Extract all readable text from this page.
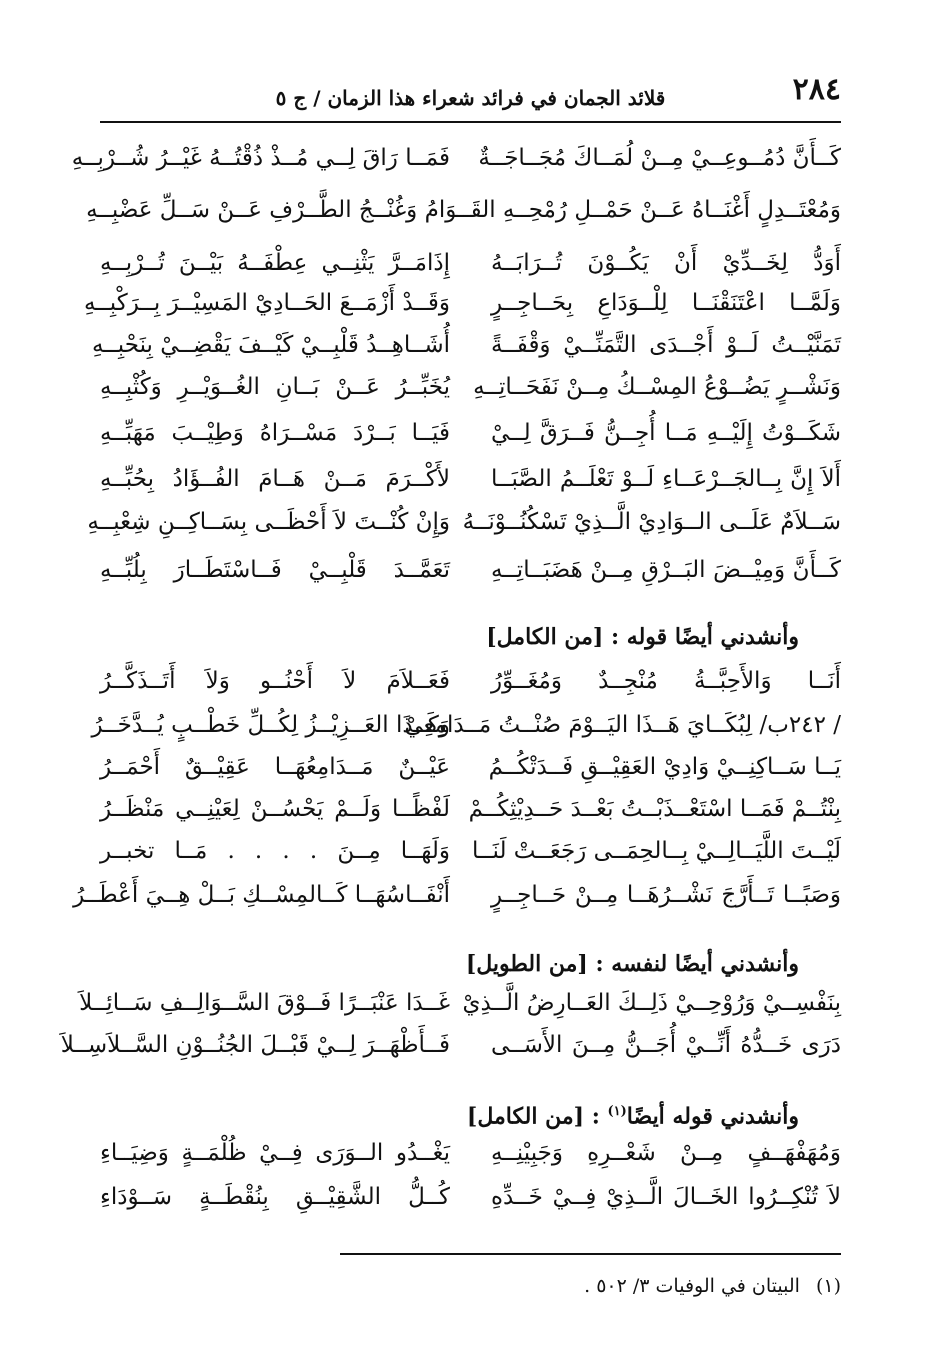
٢٨٤
قلائد الجمان في فرائد شعراء هذا الزمان / ج ٥
كَــأَنَّ دُمُــوعِــيْ مِــنْ لُمَــاكَ مُجَــاجَــةٌ
فَمَــا رَاقَ لِــي مُــذْ ذُقْتُــهُ غَيْــرُ شُــرْبِــهِ
وَمُعْتَــدِلٍ أَغْنَــاهُ عَــنْ حَمْــلِ رُمْحِــهِ القَــوَامُ وَغُنْــجُ الطَّــرْفِ عَــنْ سَــلِّ عَضْبِــهِ
أَوَدُّ لِخَــدِّيْ أَنْ يَكُــوْنَ تُــرَابَــهُ
إِذَامَــرَّ يَثْنِــي عِطْفَــهُ بَيْــنَ تُــرْبِــهِ
وَلَمَّــا اعْتَنَقْنَــا لِلْــوَدَاعِ بِحَــاجِــرٍ
وَقَــدْ أَزْمَــعَ الحَــادِيْ المَسِيْــرَ بِــرَكْبِــهِ
تَمَنَّيْــتُ لَــوْ أَجْــدَى التَّمَنِّــيْ وَقْفَــةً
أُشَــاهِــدُ قَلْبِــيْ كَيْــفَ يَقْضِــيْ بِنَحْبِــهِ
وَنَشْــرٍ يَضُــوْعُ المِسْــكُ مِــنْ نَفَحَــاتِــهِ
يُخَبِّــرُ عَــنْ بَــانِ الغُــوَيْــرِ وَكُثْبِــهِ
شَكَــوْتُ إِلَيْــهِ مَــا أُجِــنُّ فَــرَقَّ لِــيْ
فَيَــا بَــرْدَ مَسْــرَاهُ وَطِيْــبَ مَهَبِّــهِ
أَلاَ إِنَّ بِــالجَــرْعَــاءِ لَــوْ تَعْلَــمُ الصَّبَــا
لأَكْــرَمَ مَــنْ هَــامَ الفُــؤَادُ بِحُبِّــهِ
سَــلاَمٌ عَلَــى الــوَادِيْ الَّــذِيْ تَسْكُنُــوْنَــهُ
وَإِنْ كُنْــتَ لاَ أَحْظَــى بِسَــاكِــنِ شِعْبِــهِ
كَــأَنَّ وَمِيْــضَ البَــرْقِ مِــنْ هَضَبَــاتِــهِ
تَعَمَّــدَ قَلْبِــيْ فَــاسْتَطَــارَ بِلُبِّــهِ
وأنشدني أيضًا قوله : [من الكامل]
أَنَــا وَالأَحِبَّــةُ مُنْجِــدٌ وَمُغَــوِّرُ
فَعَــلاَمَ لاَ أَحْنُــو وَلاَ أَتَــذَكَّــرُ
/ ٢٤٢ب/ لِبُكَــايَ هَــذَا اليَــوْمَ صُنْــتُ مَــدَامِعِيْ
وَكَــذَا العَــزِيْــزُ لِكُــلِّ خَطْــبٍ يُــدَّخَــرُ
يَــا سَــاكِنِــيْ وَادِيْ العَقِيْــقِ فَــدَتْكُــمُ
عَيْــنٌ مَــدَامِعُهَــا عَقِيْــقٌ أَحْمَــرُ
بِنْتُــمْ فَمَــا اسْتَعْــذَبْــتُ بَعْــدَ حَــدِيْثِكُــمْ
لَفْظًــا وَلَــمْ يَحْسُــنْ لِعَيْنِــي مَنْظَــرُ
لَيْــتَ اللَّيَــالِــيْ بِــالحِمَــى رَجَعَــتْ لَنَــا
وَلَهَــا مِــنَ . . . . مَــا تخبــر
وَصَبًــا تَــأَرَّجَ نَشْــرُهَــا مِــنْ حَــاجِــرٍ
أَنْفَــاسُهَــا كَــالمِسْــكِ بَــلْ هِــيَ أَعْطَــرُ
وأنشدني أيضًا لنفسه : [من الطويل]
بِنَفْسِــيْ وَرُوْحِــيْ ذَلِــكَ العَــارِضُ الَّــذِيْ
غَــدَا عَنْبَــرًا فَــوْقَ السَّــوَالِــفِ سَــائِــلاَ
دَرَى خَــدُّهُ أَنِّــيْ أُجَــنُّ مِــنَ الأَسَــى
فَــأَظْهَــرَ لِــيْ قَبْــلَ الجُنُــوْنِ السَّــلاَسِــلاَ
وأنشدني قوله أيضًا$^{(١)}$ : [من الكامل]
وَمُهَفْهَــفٍ مِــنْ شَعْــرِهِ وَجَبِيْنِــهِ
يَغْــدُو الــوَرَى فِــيْ ظُلْمَــةٍ وَضِيَــاءِ
لاَ تُنْكِــرُوا الخَــالَ الَّــذِيْ فِــيْ خَــدِّهِ
كُــلُّ الشَّقِيْــقِ بِنُقْطَــةٍ سَــوْدَاءِ
(١)البيتان في الوفيات ٣/ ٥٠٢ .
